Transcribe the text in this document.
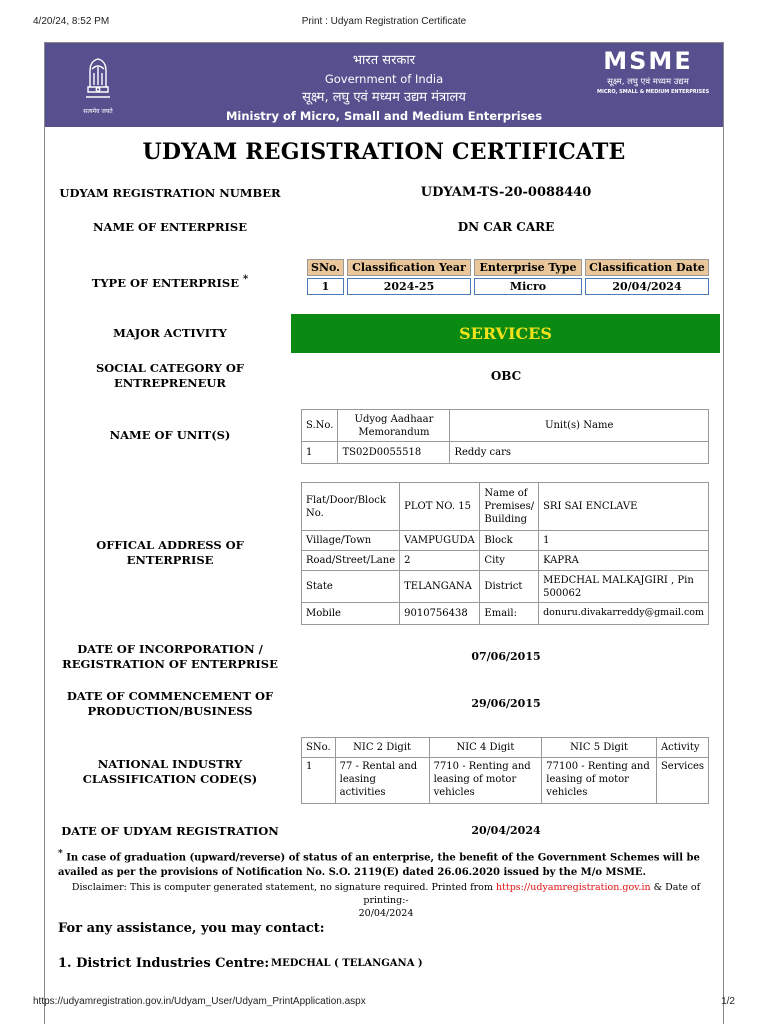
4/20/24, 8:52 PM	Print : Udyam Registration Certificate
सत्यमेव जयते
भारत सरकार
Government of India
सूक्ष्म, लघु एवं मध्यम उद्यम मंत्रालय
Ministry of Micro, Small and Medium Enterprises
MSME
सूक्ष्म, लघु एवं मध्यम उद्यम
MICRO, SMALL & MEDIUM ENTERPRISES
UDYAM REGISTRATION CERTIFICATE
UDYAM REGISTRATION NUMBER	UDYAM-TS-20-0088440
NAME OF ENTERPRISE	DN CAR CARE
TYPE OF ENTERPRISE *
SNo.	Classification Year	Enterprise Type	Classification Date
1	2024-25	Micro	20/04/2024
MAJOR ACTIVITY	SERVICES
SOCIAL CATEGORY OF
ENTREPRENEUR	OBC
NAME OF UNIT(S)
S.No.	Udyog Aadhaar Memorandum	Unit(s) Name
1	TS02D0055518	Reddy cars
OFFICAL ADDRESS OF
ENTERPRISE
Flat/Door/Block No.	PLOT NO. 15	Name of Premises/ Building	SRI SAI ENCLAVE
Village/Town	VAMPUGUDA	Block	1
Road/Street/Lane	2	City	KAPRA
State	TELANGANA	District	MEDCHAL MALKAJGIRI , Pin 500062
Mobile	9010756438	Email:	donuru.divakarreddy@gmail.com
DATE OF INCORPORATION /
REGISTRATION OF ENTERPRISE
07/06/2015
DATE OF COMMENCEMENT OF
PRODUCTION/BUSINESS
29/06/2015
NATIONAL INDUSTRY
CLASSIFICATION CODE(S)
SNo.	NIC 2 Digit	NIC 4 Digit	NIC 5 Digit	Activity
1	77 - Rental and leasing activities	7710 - Renting and leasing of motor vehicles	77100 - Renting and leasing of motor vehicles	Services
DATE OF UDYAM REGISTRATION	20/04/2024
* In case of graduation (upward/reverse) of status of an enterprise, the benefit of the Government Schemes will be availed as per the provisions of Notification No. S.O. 2119(E) dated 26.06.2020 issued by the M/o MSME.
Disclaimer: This is computer generated statement, no signature required. Printed from https://udyamregistration.gov.in & Date of printing:-
20/04/2024
For any assistance, you may contact:
1. District Industries Centre: MEDCHAL ( TELANGANA )
https://udyamregistration.gov.in/Udyam_User/Udyam_PrintApplication.aspx	1/2
